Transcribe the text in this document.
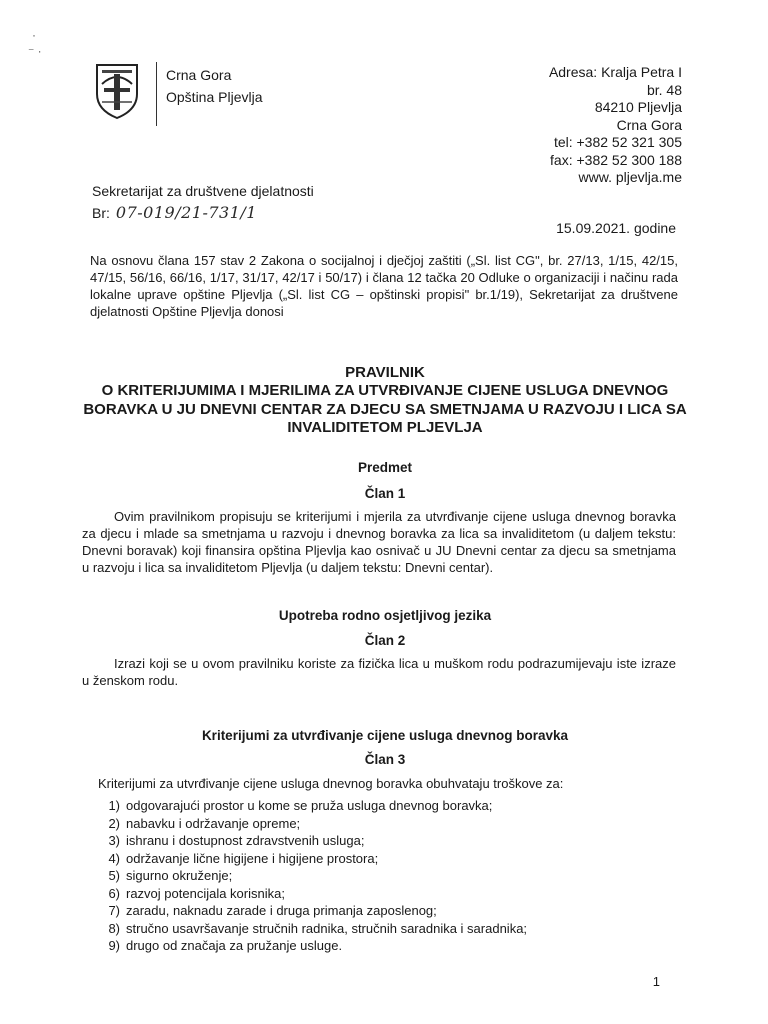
·
⁻ ·
Crna Gora
Opština Pljevlja
Adresa: Kralja Petra I
br. 48
84210 Pljevlja
Crna Gora
tel: +382 52 321 305
fax: +382 52 300 188
www. pljevlja.me
Sekretarijat za društvene djelatnosti
Br: 07-019/21-731/1
15.09.2021. godine
Na osnovu člana 157 stav 2 Zakona o socijalnoj i dječjoj zaštiti („Sl. list CG", br. 27/13, 1/15, 42/15, 47/15, 56/16, 66/16, 1/17, 31/17, 42/17 i 50/17) i člana 12 tačka 20 Odluke o organizaciji i načinu rada lokalne uprave opštine Pljevlja („Sl. list CG – opštinski propisi" br.1/19), Sekretarijat za društvene djelatnosti Opštine Pljevlja donosi
PRAVILNIK
O KRITERIJUMIMA I MJERILIMA ZA UTVRĐIVANJE CIJENE USLUGA DNEVNOG BORAVKA U JU DNEVNI CENTAR ZA DJECU SA SMETNJAMA U RAZVOJU I LICA SA INVALIDITETOM PLJEVLJA
Predmet
Član 1
Ovim pravilnikom propisuju se kriterijumi i mjerila za utvrđivanje cijene usluga dnevnog boravka za djecu i mlade sa smetnjama u razvoju i dnevnog boravka za lica sa invaliditetom (u daljem tekstu: Dnevni boravak) koji finansira opština Pljevlja kao osnivač u JU Dnevni centar za djecu sa smetnjama u razvoju i lica sa invaliditetom Pljevlja (u daljem tekstu: Dnevni centar).
Upotreba rodno osjetljivog jezika
Član 2
Izrazi koji se u ovom pravilniku koriste za fizička lica u muškom rodu podrazumijevaju iste izraze u ženskom rodu.
Kriterijumi za utvrđivanje cijene usluga dnevnog boravka
Član 3
Kriterijumi za utvrđivanje cijene usluga dnevnog boravka obuhvataju troškove za:
1) odgovarajući prostor u kome se pruža usluga dnevnog boravka;
2) nabavku i održavanje opreme;
3) ishranu i dostupnost zdravstvenih usluga;
4) održavanje lične higijene i higijene prostora;
5) sigurno okruženje;
6) razvoj potencijala korisnika;
7) zaradu, naknadu zarade i druga primanja zaposlenog;
8) stručno usavršavanje stručnih radnika, stručnih saradnika i saradnika;
9) drugo od značaja za pružanje usluge.
1
